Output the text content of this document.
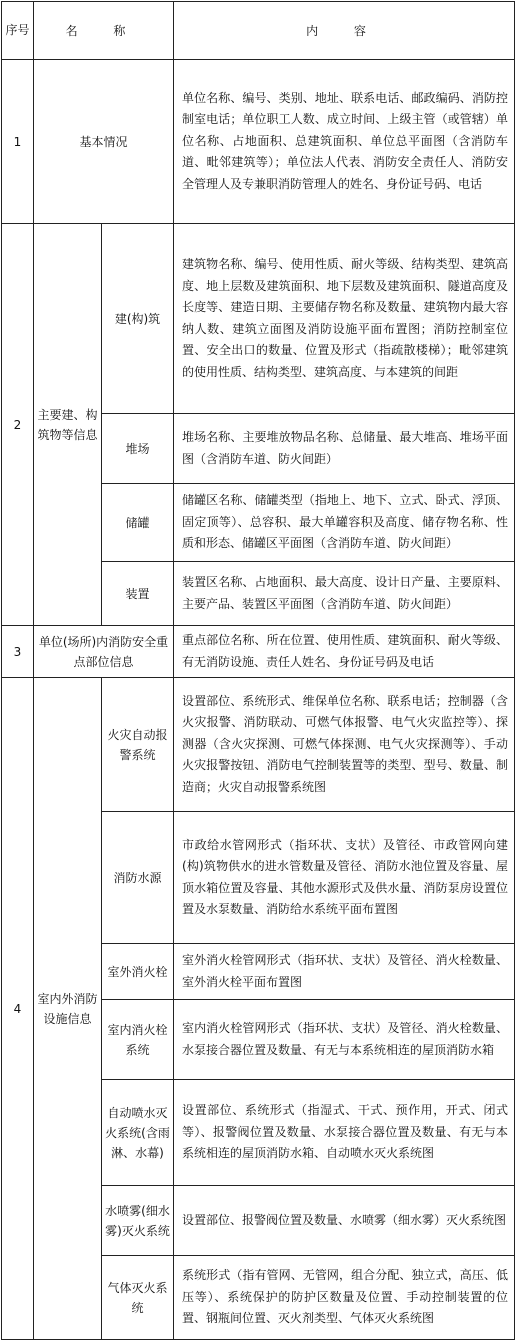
序号	名 称		内 容
1	基本情况		单位名称、编号、类别、地址、联系电话、邮政编码、消防控制室电话；单位职工人数、成立时间、上级主管（或管辖）单位名称、占地面积、总建筑面积、单位总平面图（含消防车道、毗邻建筑等）；单位法人代表、消防安全责任人、消防安全管理人及专兼职消防管理人的姓名、身份证号码、电话
2	主要建、构筑物等信息	建(构)筑	建筑物名称、编号、使用性质、耐火等级、结构类型、建筑高度、地上层数及建筑面积、地下层数及建筑面积、隧道高度及长度等、建造日期、主要储存物名称及数量、建筑物内最大容纳人数、建筑立面图及消防设施平面布置图；消防控制室位置、安全出口的数量、位置及形式（指疏散楼梯）；毗邻建筑的使用性质、结构类型、建筑高度、与本建筑的间距
		堆场	堆场名称、主要堆放物品名称、总储量、最大堆高、堆场平面图（含消防车道、防火间距）
		储罐	储罐区名称、储罐类型（指地上、地下、立式、卧式、浮顶、固定顶等）、总容积、最大单罐容积及高度、储存物名称、性质和形态、储罐区平面图（含消防车道、防火间距）
		装置	装置区名称、占地面积、最大高度、设计日产量、主要原料、主要产品、装置区平面图（含消防车道、防火间距）
3	单位(场所)内消防安全重点部位信息		重点部位名称、所在位置、使用性质、建筑面积、耐火等级、有无消防设施、责任人姓名、身份证号码及电话
4	室内外消防设施信息	火灾自动报警系统	设置部位、系统形式、维保单位名称、联系电话；控制器（含火灾报警、消防联动、可燃气体报警、电气火灾监控等）、探测器（含火灾探测、可燃气体探测、电气火灾探测等）、手动火灾报警按钮、消防电气控制装置等的类型、型号、数量、制造商；火灾自动报警系统图
		消防水源	市政给水管网形式（指环状、支状）及管径、市政管网向建(构)筑物供水的进水管数量及管径、消防水池位置及容量、屋顶水箱位置及容量、其他水源形式及供水量、消防泵房设置位置及水泵数量、消防给水系统平面布置图
		室外消火栓	室外消火栓管网形式（指环状、支状）及管径、消火栓数量、室外消火栓平面布置图
		室内消火栓系统	室内消火栓管网形式（指环状、支状）及管径、消火栓数量、水泵接合器位置及数量、有无与本系统相连的屋顶消防水箱
		自动喷水灭火系统(含雨淋、水幕)	设置部位、系统形式（指湿式、干式、预作用，开式、闭式等）、报警阀位置及数量、水泵接合器位置及数量、有无与本系统相连的屋顶消防水箱、自动喷水灭火系统图
		水喷雾(细水雾)灭火系统	设置部位、报警阀位置及数量、水喷雾（细水雾）灭火系统图
		气体灭火系统	系统形式（指有管网、无管网，组合分配、独立式，高压、低压等）、系统保护的防护区数量及位置、手动控制装置的位置、钢瓶间位置、灭火剂类型、气体灭火系统图
